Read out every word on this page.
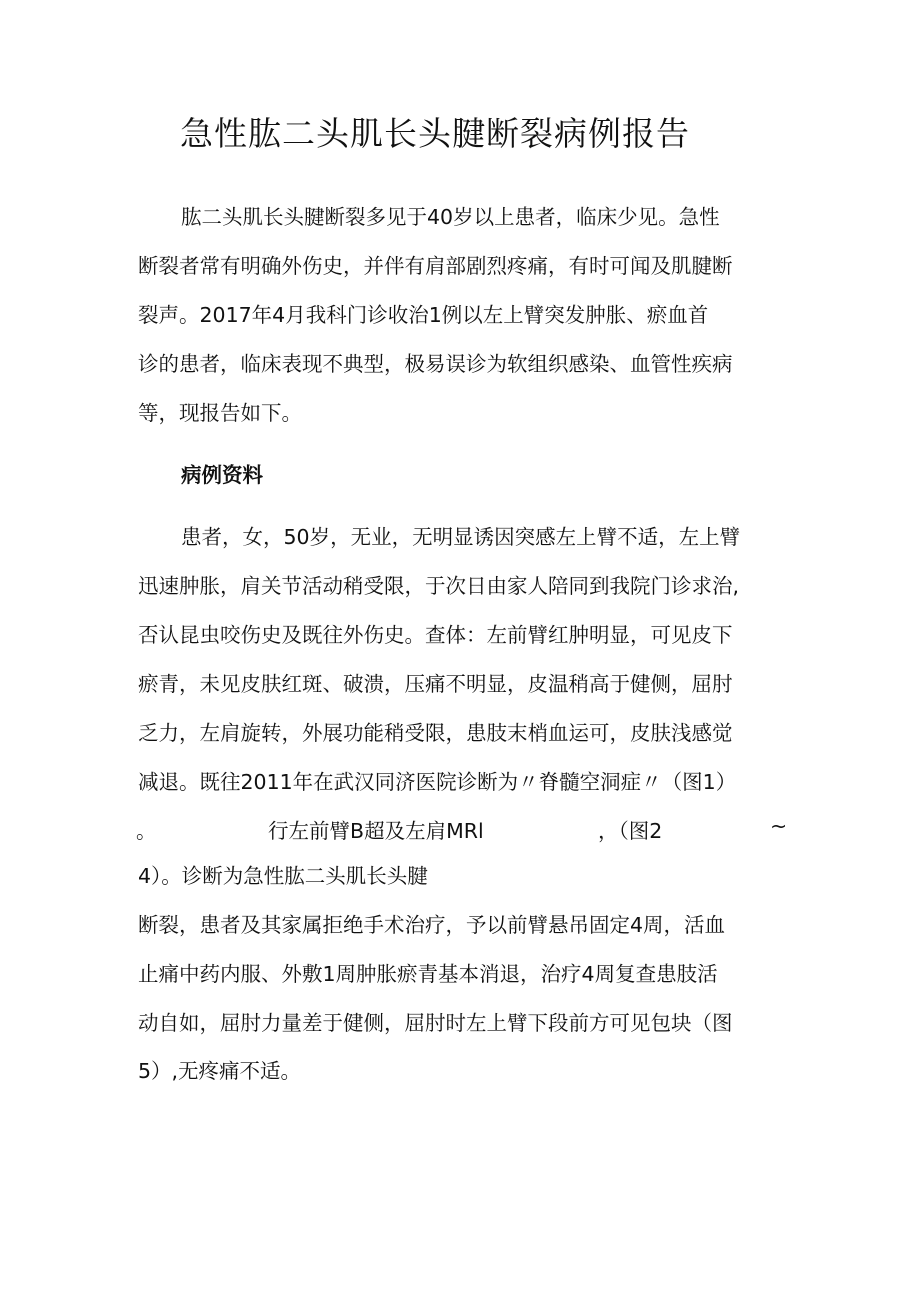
急性肱二头肌长头腱断裂病例报告
肱二头肌长头腱断裂多见于40岁以上患者，临床少见。急性
断裂者常有明确外伤史，并伴有肩部剧烈疼痛，有时可闻及肌腱断
裂声。2017年4月我科门诊收治1例以左上臂突发肿胀、瘀血首
诊的患者，临床表现不典型，极易误诊为软组织感染、血管性疾病
等，现报告如下。
病例资料
患者，女，50岁，无业，无明显诱因突感左上臂不适，左上臂
迅速肿胀，肩关节活动稍受限，于次日由家人陪同到我院门诊求治,
否认昆虫咬伤史及既往外伤史。查体：左前臂红肿明显，可见皮下
瘀青，未见皮肤红斑、破溃，压痛不明显，皮温稍高于健侧，屈肘
乏力，左肩旋转，外展功能稍受限，患肢末梢血运可，皮肤浅感觉
减退。既往2011年在武汉同济医院诊断为〃脊髓空洞症〃（图1）
。	行左前臂B超及左肩MRl	，（图2	~
4）。诊断为急性肱二头肌长头腱
断裂，患者及其家属拒绝手术治疗，予以前臂悬吊固定4周，活血
止痛中药内服、外敷1周肿胀瘀青基本消退，治疗4周复查患肢活
动自如，屈肘力量差于健侧，屈肘时左上臂下段前方可见包块（图
5）,无疼痛不适。
